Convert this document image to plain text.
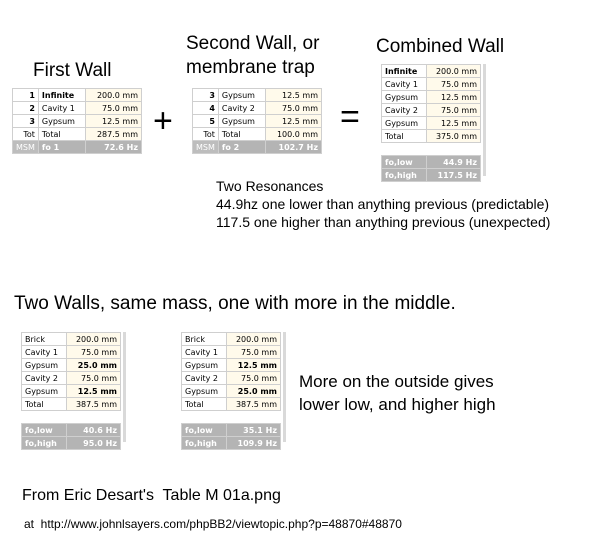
First Wall
Second Wall, or
membrane trap
Combined Wall
+	=
1	Infinite	200.0 mm
2	Cavity 1	75.0 mm
3	Gypsum	12.5 mm
Tot	Total	287.5 mm
MSM	fo 1	72.6 Hz
3	Gypsum	12.5 mm
4	Cavity 2	75.0 mm
5	Gypsum	12.5 mm
Tot	Total	100.0 mm
MSM	fo 2	102.7 Hz
Infinite	200.0 mm
Cavity 1	75.0 mm
Gypsum	12.5 mm
Cavity 2	75.0 mm
Gypsum	12.5 mm
Total	375.0 mm

fo,low	44.9 Hz
fo,high	117.5 Hz
Two Resonances
44.9hz one lower than anything previous (predictable)
117.5 one higher than anything previous (unexpected)
Two Walls, same mass, one with more in the middle.
Brick	200.0 mm
Cavity 1	75.0 mm
Gypsum	25.0 mm
Cavity 2	75.0 mm
Gypsum	12.5 mm
Total	387.5 mm

fo,low	40.6 Hz
fo,high	95.0 Hz
Brick	200.0 mm
Cavity 1	75.0 mm
Gypsum	12.5 mm
Cavity 2	75.0 mm
Gypsum	25.0 mm
Total	387.5 mm

fo,low	35.1 Hz
fo,high	109.9 Hz
More on the outside gives
lower low, and higher high
From Eric Desart's  Table M 01a.png
at  http://www.johnlsayers.com/phpBB2/viewtopic.php?p=48870#48870
